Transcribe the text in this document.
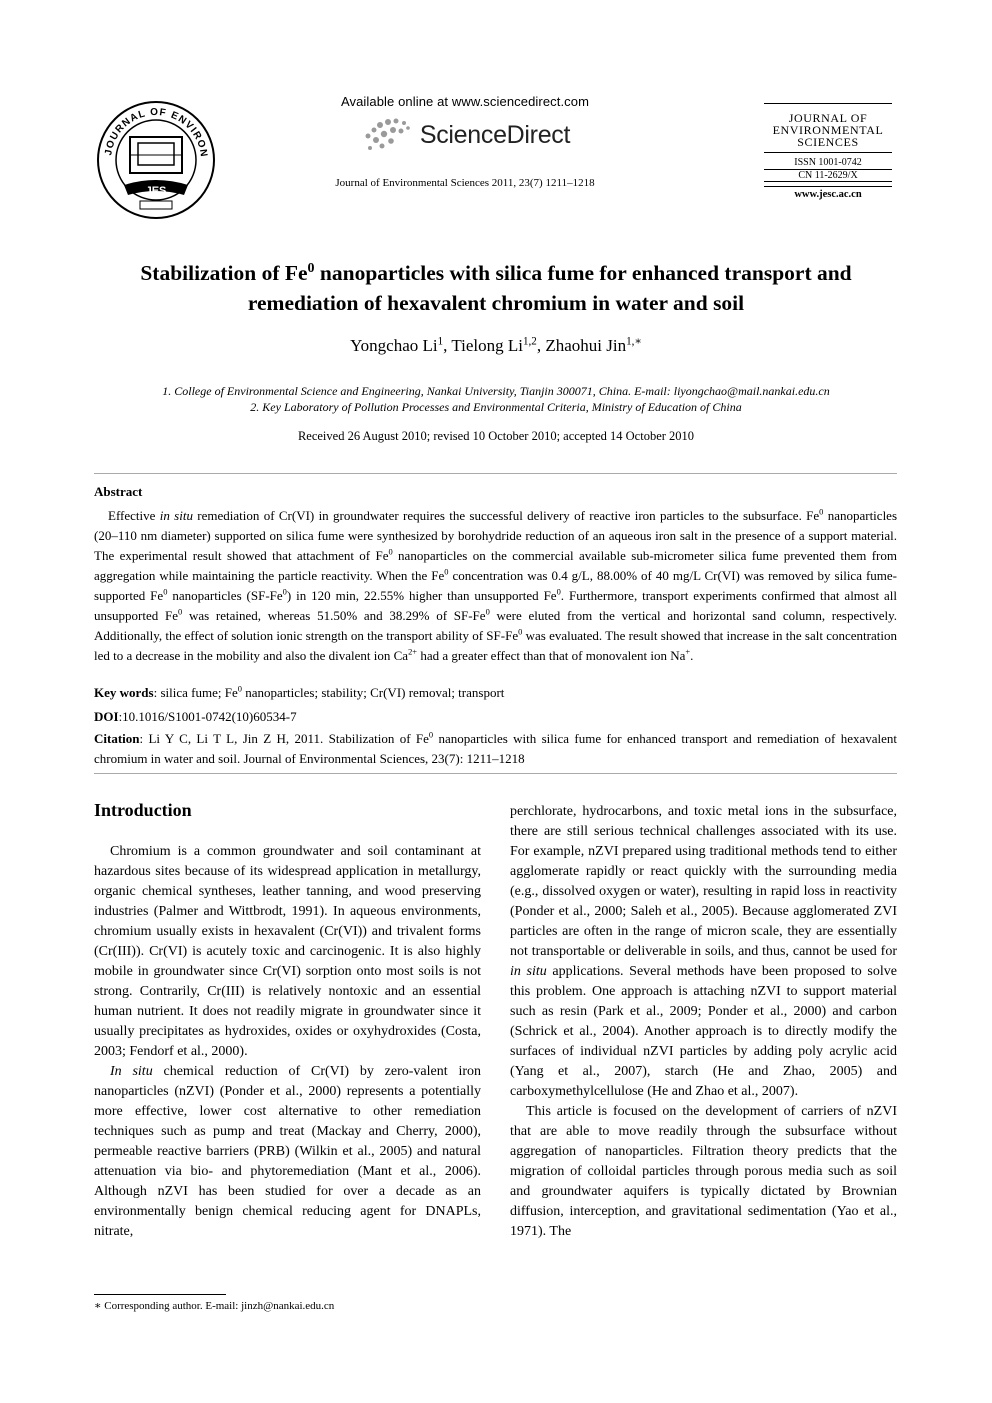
JOURNAL OF ENVIRON
JES
Available online at www.sciencedirect.com
ScienceDirect
Journal of Environmental Sciences 2011, 23(7) 1211–1218
JOURNAL OF
ENVIRONMENTAL
SCIENCES
ISSN 1001-0742
CN 11-2629/X
www.jesc.ac.cn
Stabilization of Fe$^0$ nanoparticles with silica fume for enhanced transport and
remediation of hexavalent chromium in water and soil
Yongchao Li$^1$, Tielong Li$^{1,2}$, Zhaohui Jin$^{1,∗}$
1. College of Environmental Science and Engineering, Nankai University, Tianjin 300071, China. E-mail: liyongchao@mail.nankai.edu.cn
2. Key Laboratory of Pollution Processes and Environmental Criteria, Ministry of Education of China
Received 26 August 2010; revised 10 October 2010; accepted 14 October 2010
Abstract
Effective in situ remediation of Cr(VI) in groundwater requires the successful delivery of reactive iron particles to the subsurface. Fe$^0$ nanoparticles (20–110 nm diameter) supported on silica fume were synthesized by borohydride reduction of an aqueous iron salt in the presence of a support material. The experimental result showed that attachment of Fe$^0$ nanoparticles on the commercial available sub-micrometer silica fume prevented them from aggregation while maintaining the particle reactivity. When the Fe$^0$ concentration was 0.4 g/L, 88.00% of 40 mg/L Cr(VI) was removed by silica fume-supported Fe$^0$ nanoparticles (SF-Fe$^0$) in 120 min, 22.55% higher than unsupported Fe$^0$. Furthermore, transport experiments confirmed that almost all unsupported Fe$^0$ was retained, whereas 51.50% and 38.29% of SF-Fe$^0$ were eluted from the vertical and horizontal sand column, respectively. Additionally, the effect of solution ionic strength on the transport ability of SF-Fe$^0$ was evaluated. The result showed that increase in the salt concentration led to a decrease in the mobility and also the divalent ion $Ca^{2+}$ had a greater effect than that of monovalent ion Na+.
Key words: silica fume; Fe$^0$ nanoparticles; stability; Cr(VI) removal; transport
DOI:10.1016/S1001-0742(10)60534-7
Citation: Li Y C, Li T L, Jin Z H, 2011. Stabilization of Fe$^0$ nanoparticles with silica fume for enhanced transport and remediation of hexavalent chromium in water and soil. Journal of Environmental Sciences, 23(7): 1211–1218
Introduction

Chromium is a common groundwater and soil contaminant at hazardous sites because of its widespread application in metallurgy, organic chemical syntheses, leather tanning, and wood preserving industries (Palmer and Wittbrodt, 1991). In aqueous environments, chromium usually exists in hexavalent (Cr(VI)) and trivalent forms (Cr(III)). Cr(VI) is acutely toxic and carcinogenic. It is also highly mobile in groundwater since Cr(VI) sorption onto most soils is not strong. Contrarily, Cr(III) is relatively nontoxic and an essential human nutrient. It does not readily migrate in groundwater since it usually precipitates as hydroxides, oxides or oxyhydroxides (Costa, 2003; Fendorf et al., 2000).

In situ chemical reduction of Cr(VI) by zero-valent iron nanoparticles (nZVI) (Ponder et al., 2000) represents a potentially more effective, lower cost alternative to other remediation techniques such as pump and treat (Mackay and Cherry, 2000), permeable reactive barriers (PRB) (Wilkin et al., 2005) and natural attenuation via bio- and phytoremediation (Mant et al., 2006). Although nZVI has been studied for over a decade as an environmentally benign chemical reducing agent for DNAPLs, nitrate,

perchlorate, hydrocarbons, and toxic metal ions in the subsurface, there are still serious technical challenges associated with its use. For example, nZVI prepared using traditional methods tend to either agglomerate rapidly or react quickly with the surrounding media (e.g., dissolved oxygen or water), resulting in rapid loss in reactivity (Ponder et al., 2000; Saleh et al., 2005). Because agglomerated ZVI particles are often in the range of micron scale, they are essentially not transportable or deliverable in soils, and thus, cannot be used for in situ applications. Several methods have been proposed to solve this problem. One approach is attaching nZVI to support material such as resin (Park et al., 2009; Ponder et al., 2000) and carbon (Schrick et al., 2004). Another approach is to directly modify the surfaces of individual nZVI particles by adding poly acrylic acid (Yang et al., 2007), starch (He and Zhao, 2005) and carboxymethylcellulose (He and Zhao et al., 2007).

This article is focused on the development of carriers of nZVI that are able to move readily through the subsurface without aggregation of nanoparticles. Filtration theory predicts that the migration of colloidal particles through porous media such as soil and groundwater aquifers is typically dictated by Brownian diffusion, interception, and gravitational sedimentation (Yao et al., 1971). The

∗ Corresponding author. E-mail: jinzh@nankai.edu.cn
